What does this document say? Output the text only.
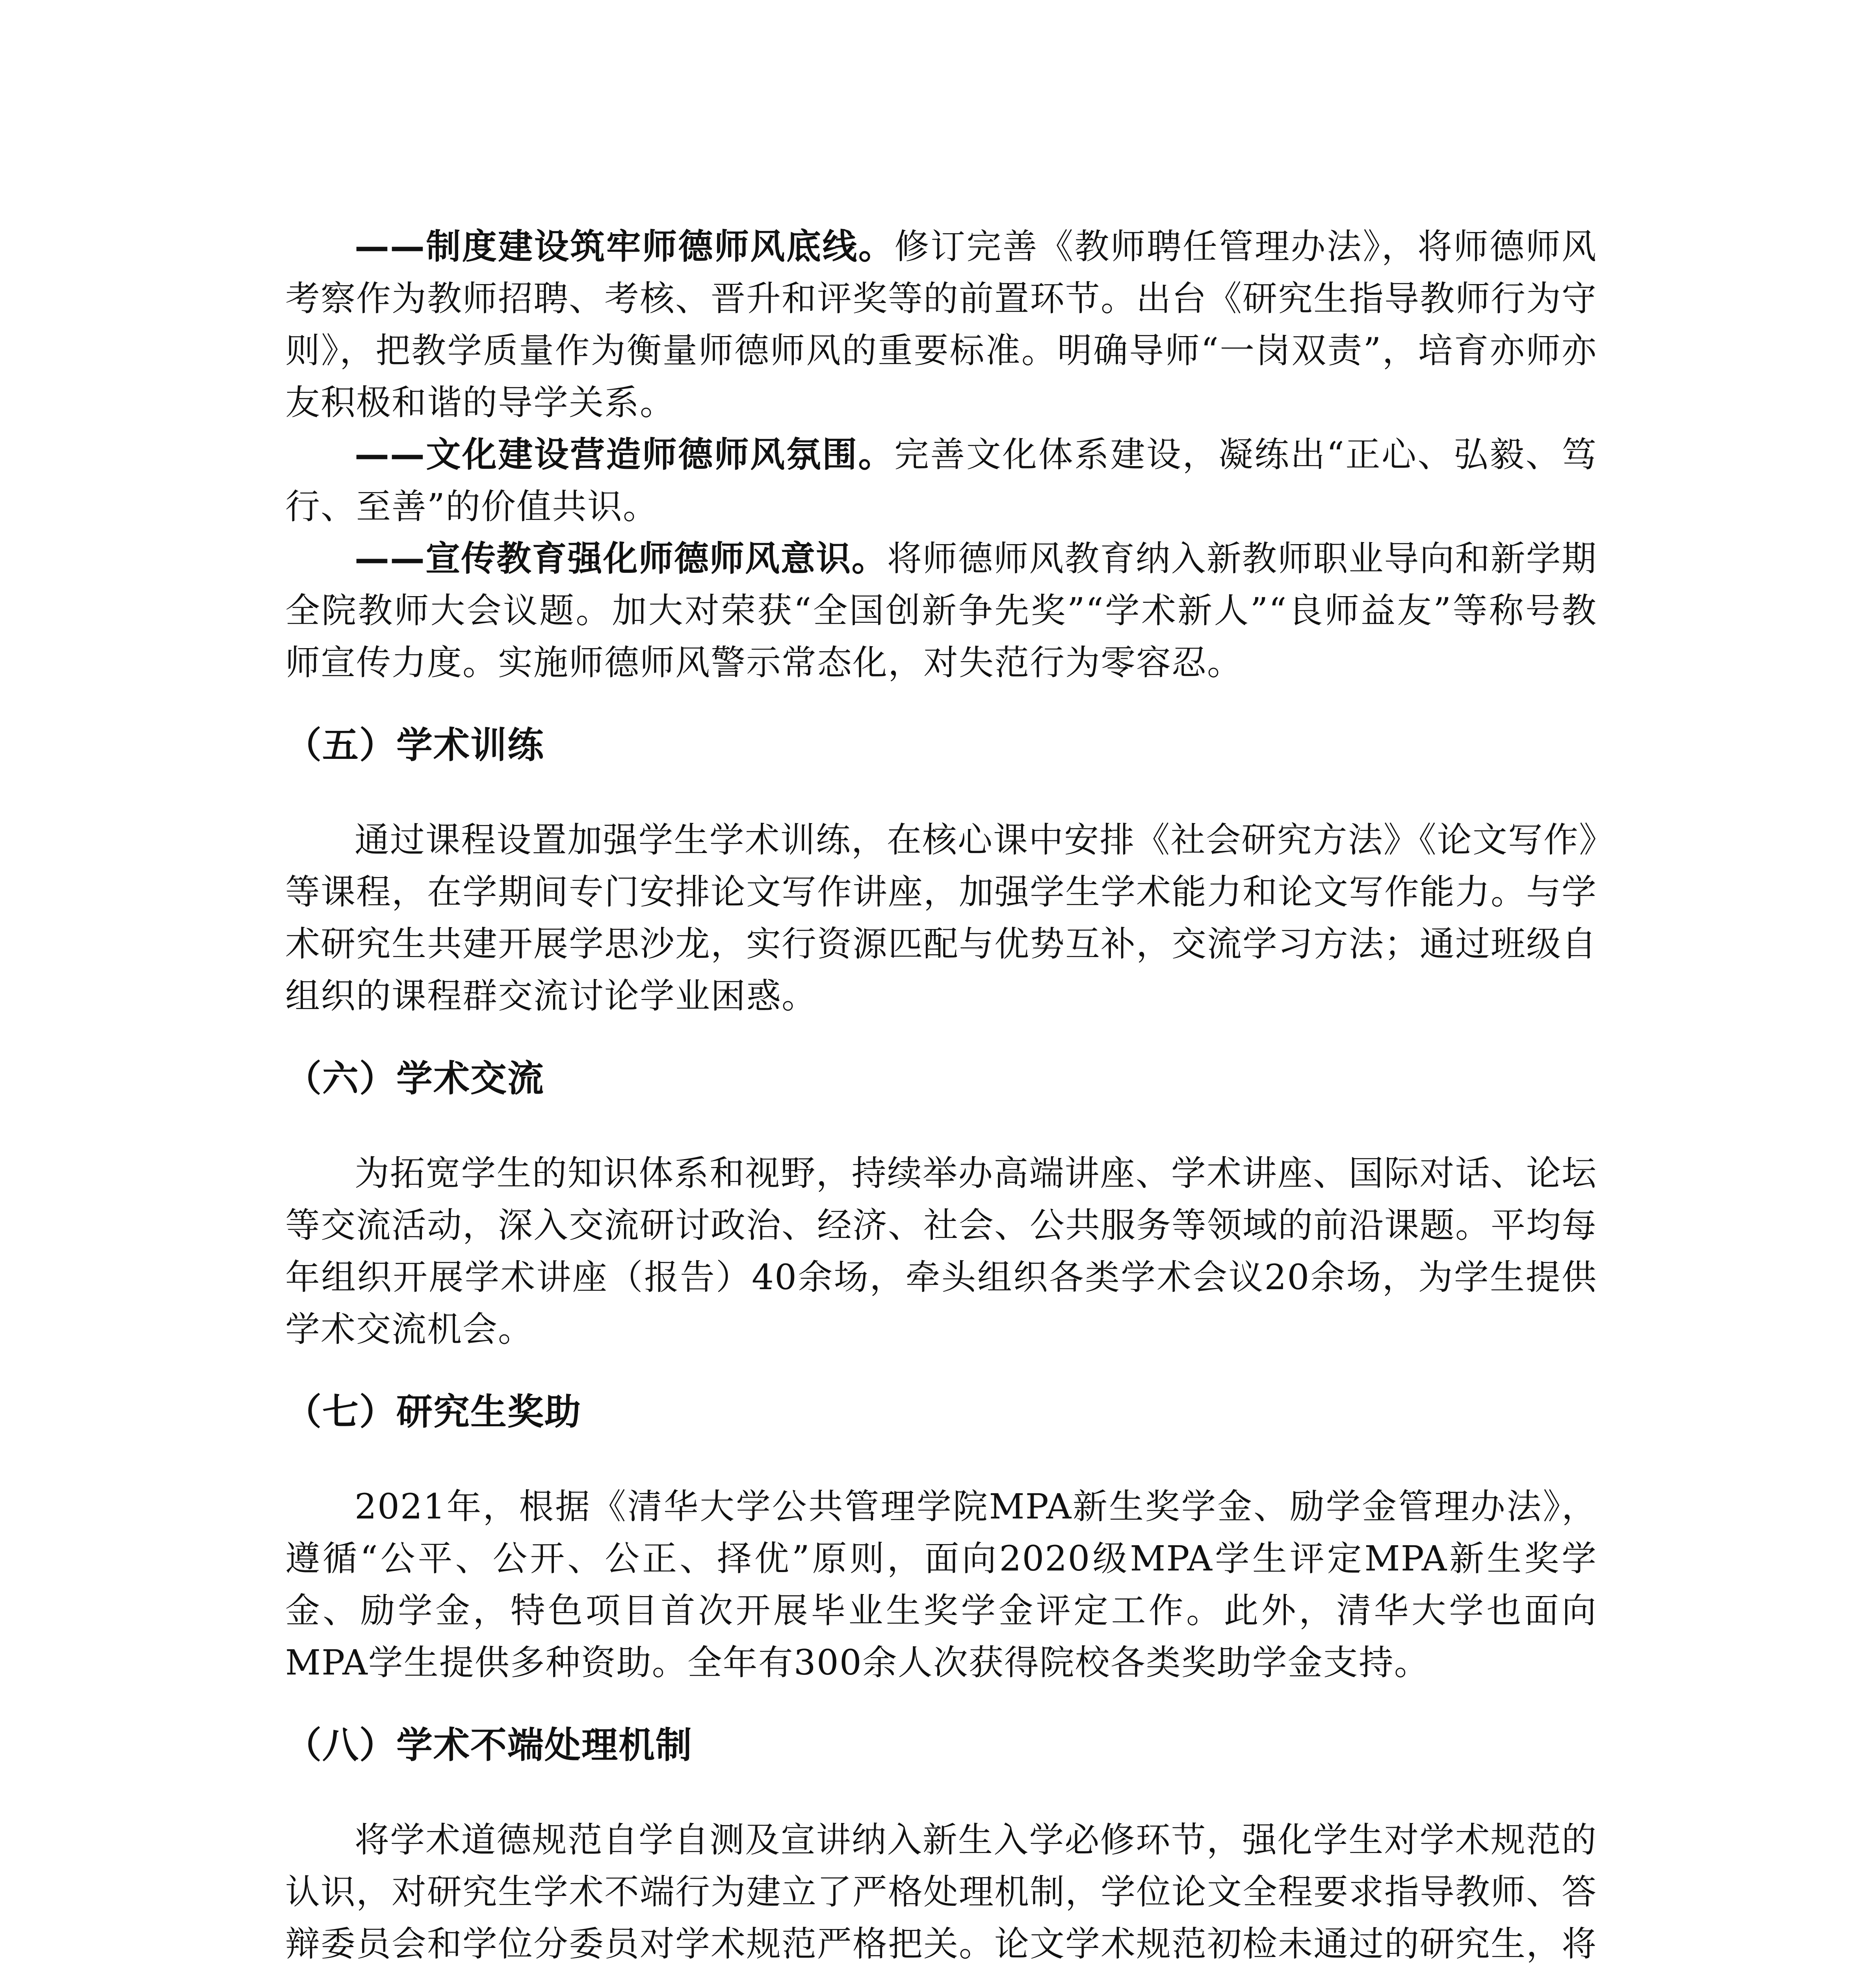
——制度建设筑牢师德师风底线。修订完善《教师聘任管理办法》，将师德师风考察作为教师招聘、考核、晋升和评奖等的前置环节。出台《研究生指导教师行为守则》，把教学质量作为衡量师德师风的重要标准。明确导师“一岗双责”，培育亦师亦友积极和谐的导学关系。

——文化建设营造师德师风氛围。完善文化体系建设，凝练出“正心、弘毅、笃行、至善”的价值共识。

——宣传教育强化师德师风意识。将师德师风教育纳入新教师职业导向和新学期全院教师大会议题。加大对荣获“全国创新争先奖”“学术新人”“良师益友”等称号教师宣传力度。实施师德师风警示常态化，对失范行为零容忍。

（五）学术训练

通过课程设置加强学生学术训练，在核心课中安排《社会研究方法》《论文写作》等课程，在学期间专门安排论文写作讲座，加强学生学术能力和论文写作能力。与学术研究生共建开展学思沙龙，实行资源匹配与优势互补，交流学习方法；通过班级自组织的课程群交流讨论学业困惑。

（六）学术交流

为拓宽学生的知识体系和视野，持续举办高端讲座、学术讲座、国际对话、论坛等交流活动，深入交流研讨政治、经济、社会、公共服务等领域的前沿课题。平均每年组织开展学术讲座（报告）40余场，牵头组织各类学术会议20余场，为学生提供学术交流机会。

（七）研究生奖助

2021年，根据《清华大学公共管理学院MPA新生奖学金、励学金管理办法》，遵循“公平、公开、公正、择优”原则，面向2020级MPA学生评定MPA新生奖学金、励学金，特色项目首次开展毕业生奖学金评定工作。此外，清华大学也面向MPA学生提供多种资助。全年有300余人次获得院校各类奖助学金支持。

（八）学术不端处理机制

将学术道德规范自学自测及宣讲纳入新生入学必修环节，强化学生对学术规范的认识，对研究生学术不端行为建立了严格处理机制，学位论文全程要求指导教师、答辩委员会和学位分委员对学术规范严格把关。论文学术规范初检未通过的研究生，将
